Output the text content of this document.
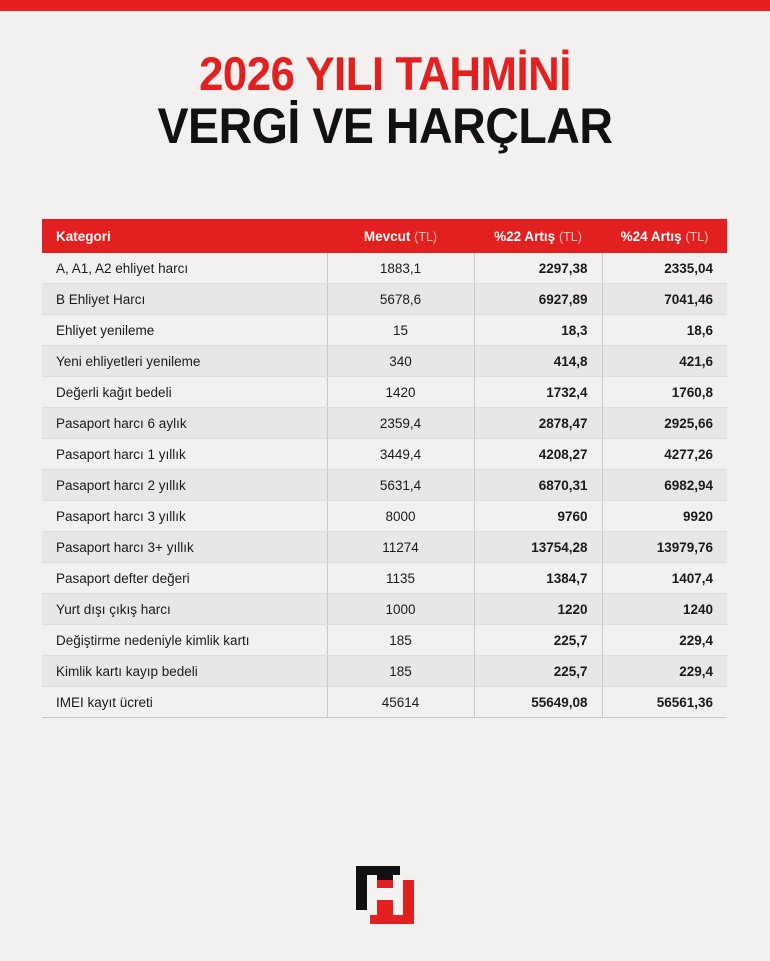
2026 YILI TAHMİNİ
VERGİ VE HARÇLAR
Kategori	Mevcut (TL)	%22 Artış (TL)	%24 Artış (TL)
A, A1, A2 ehliyet harcı	1883,1	2297,38	2335,04
B Ehliyet Harcı	5678,6	6927,89	7041,46
Ehliyet yenileme	15	18,3	18,6
Yeni ehliyetleri yenileme	340	414,8	421,6
Değerli kağıt bedeli	1420	1732,4	1760,8
Pasaport harcı 6 aylık	2359,4	2878,47	2925,66
Pasaport harcı 1 yıllık	3449,4	4208,27	4277,26
Pasaport harcı 2 yıllık	5631,4	6870,31	6982,94
Pasaport harcı 3 yıllık	8000	9760	9920
Pasaport harcı 3+ yıllık	11274	13754,28	13979,76
Pasaport defter değeri	1135	1384,7	1407,4
Yurt dışı çıkış harcı	1000	1220	1240
Değiştirme nedeniyle kimlik kartı	185	225,7	229,4
Kimlik kartı kayıp bedeli	185	225,7	229,4
IMEI kayıt ücreti	45614	55649,08	56561,36
